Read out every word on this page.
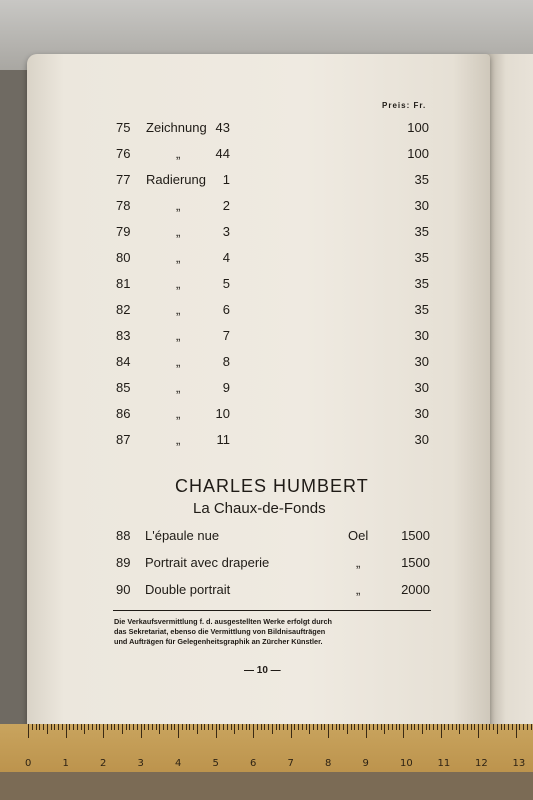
Preis: Fr.
75 Zeichnung 43	100
76	„	44	100
77 Radierung 1	35
78	„	2	30
79	„	3	35
80	„	4	35
81	„	5	35
82	„	6	35
83	„	7	30
84	„	8	30
85	„	9	30
86	„	10	30
87	„	11	30
CHARLES HUMBERT
La Chaux-de-Fonds
88 L'épaule nue	Oel	1500
89 Portrait avec draperie	„	1500
90 Double portrait	„	2000
Die Verkaufsvermittlung f. d. ausgestellten Werke erfolgt durch
das Sekretariat, ebenso die Vermittlung von Bildnisaufträgen
und Aufträgen für Gelegenheitsgraphik an Zürcher Künstler.
— 10 —
0	1	2	3	4	5	6	7	8	9	10 11 12 13
